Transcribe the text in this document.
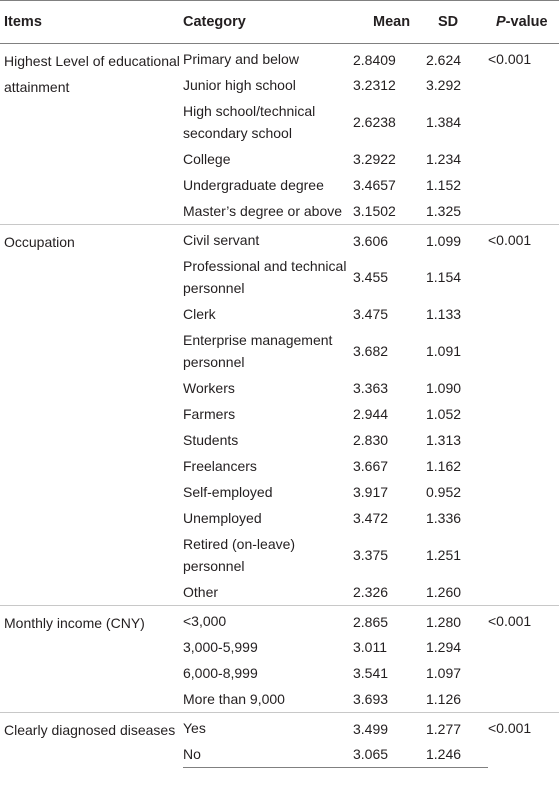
Items	Category	Mean	SD	P-value
Highest Level of educational attainment	Primary and below	2.8409	2.624	<0.001
	Junior high school	3.2312	3.292	
	High school/technical secondary school	2.6238	1.384	
	College	3.2922	1.234	
	Undergraduate degree	3.4657	1.152	
	Master’s degree or above	3.1502	1.325	
Occupation	Civil servant	3.606	1.099	<0.001
	Professional and technical personnel	3.455	1.154	
	Clerk	3.475	1.133	
	Enterprise management personnel	3.682	1.091	
	Workers	3.363	1.090	
	Farmers	2.944	1.052	
	Students	2.830	1.313	
	Freelancers	3.667	1.162	
	Self-employed	3.917	0.952	
	Unemployed	3.472	1.336	
	Retired (on-leave) personnel	3.375	1.251	
	Other	2.326	1.260	
Monthly income (CNY)	<3,000	2.865	1.280	<0.001
	3,000-5,999	3.011	1.294	
	6,000-8,999	3.541	1.097	
	More than 9,000	3.693	1.126	
Clearly diagnosed diseases	Yes	3.499	1.277	<0.001
	No	3.065	1.246	
